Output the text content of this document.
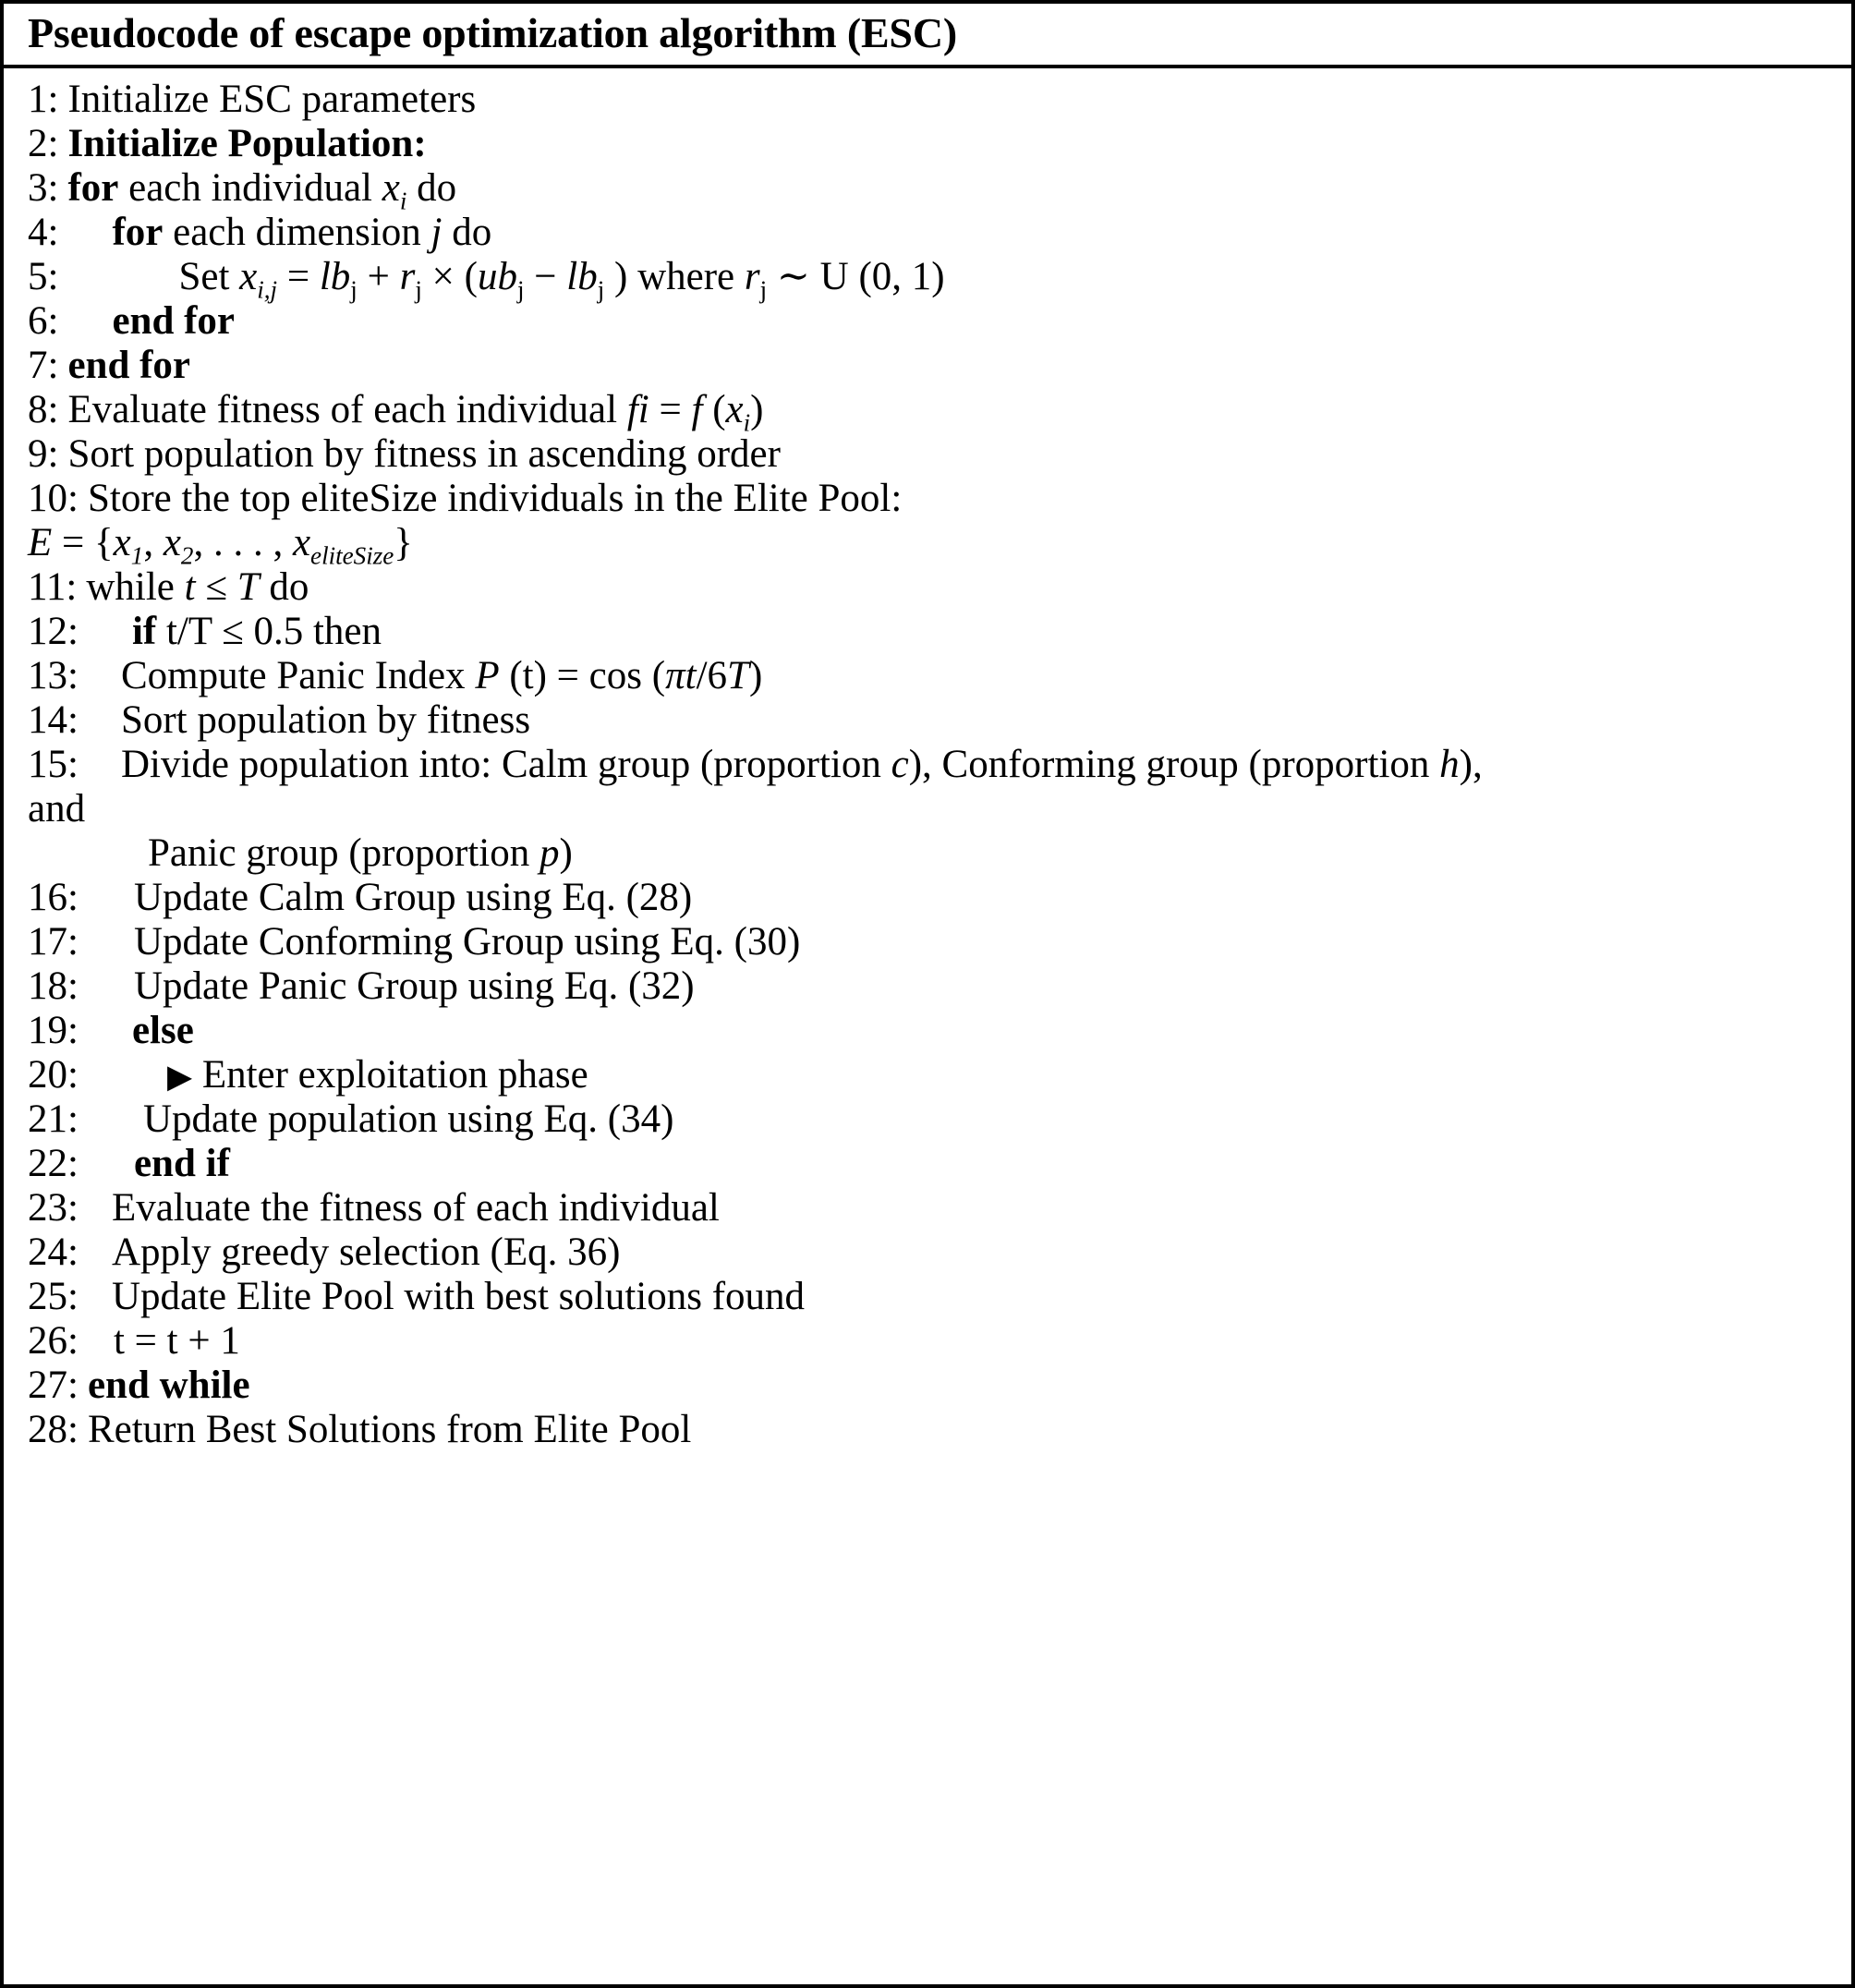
Pseudocode of escape optimization algorithm (ESC)
1: Initialize ESC parameters
2: Initialize Population:
3: for each individual $x_i$ do
4: for each dimension j do
5:	Set $x_{i,j} = lb_j + r_j \times (ub_j - lb_j$ ) where $r_j$ ∼ U (0, 1)
6: end for
7: end for
8: Evaluate fitness of each individual fi = f $(x_i)$
9: Sort population by fitness in ascending order
10: Store the top eliteSize individuals in the Elite Pool:
$E = \{x_1$, $x_2$, . . . , $x_{eliteSize}$}
11: while t ≤ T do
12: if t/T ≤ 0.5 then
13: Compute Panic Index P (t) = cos (πt/6T)
14: Sort population by fitness
15: Divide population into: Calm group (proportion c), Conforming group (proportion h),
and
Panic group (proportion p)
16: Update Calm Group using Eq. (28)
17: Update Conforming Group using Eq. (30)
18: Update Panic Group using Eq. (32)
19: else
20:	▶ Enter exploitation phase
21: Update population using Eq. (34)
22: end if
23: Evaluate the fitness of each individual
24: Apply greedy selection (Eq. 36)
25: Update Elite Pool with best solutions found
26: t = t + 1
27: end while
28: Return Best Solutions from Elite Pool
